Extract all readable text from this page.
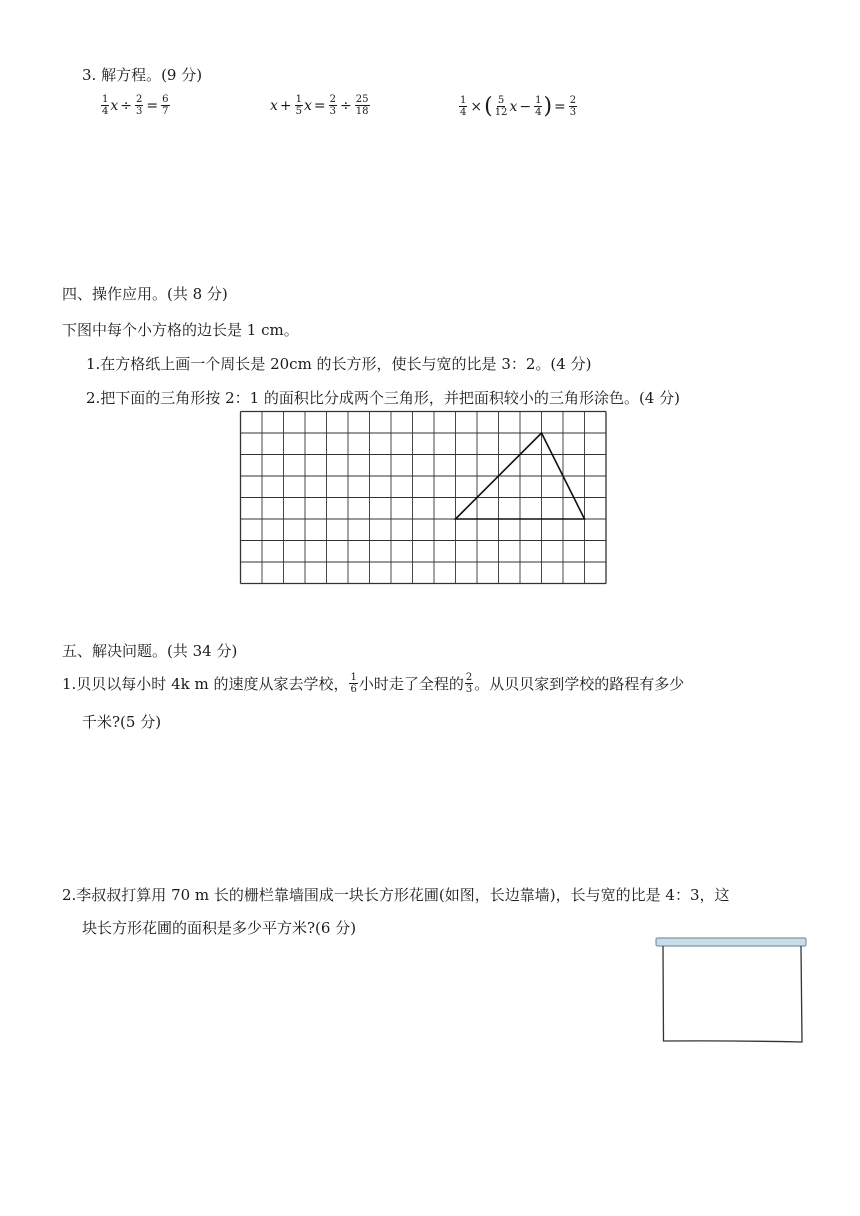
3. 解方程。(9 分)
$\frac{1}{4}$ $x \div \frac{2}{3} = \frac{6}{7}$	$x + \frac{1}{5}$ $x = \frac{2}{3} \div \frac{25}{18}$	$\frac{1}{4}$ × ( $\frac{5}{12}$ $x - \frac{1}{4}$ ) = $\frac{2}{3}$
四、操作应用。(共 8 分)
下图中每个小方格的边长是 1 cm。
1.在方格纸上画一个周长是 20cm 的长方形，使长与宽的比是 3：2。(4 分)
2.把下面的三角形按 2：1 的面积比分成两个三角形，并把面积较小的三角形涂色。(4 分)
五、解决问题。(共 34 分)
1.贝贝以每小时 4k m 的速度从家去学校， $\frac{1}{6}$ 小时走了全程的 $\frac{2}{3}$ 。从贝贝家到学校的路程有多少
千米?(5 分)
2.李叔叔打算用 70 m 长的栅栏靠墙围成一块长方形花圃(如图，长边靠墙)，长与宽的比是 4：3，这
块长方形花圃的面积是多少平方米?(6 分)
